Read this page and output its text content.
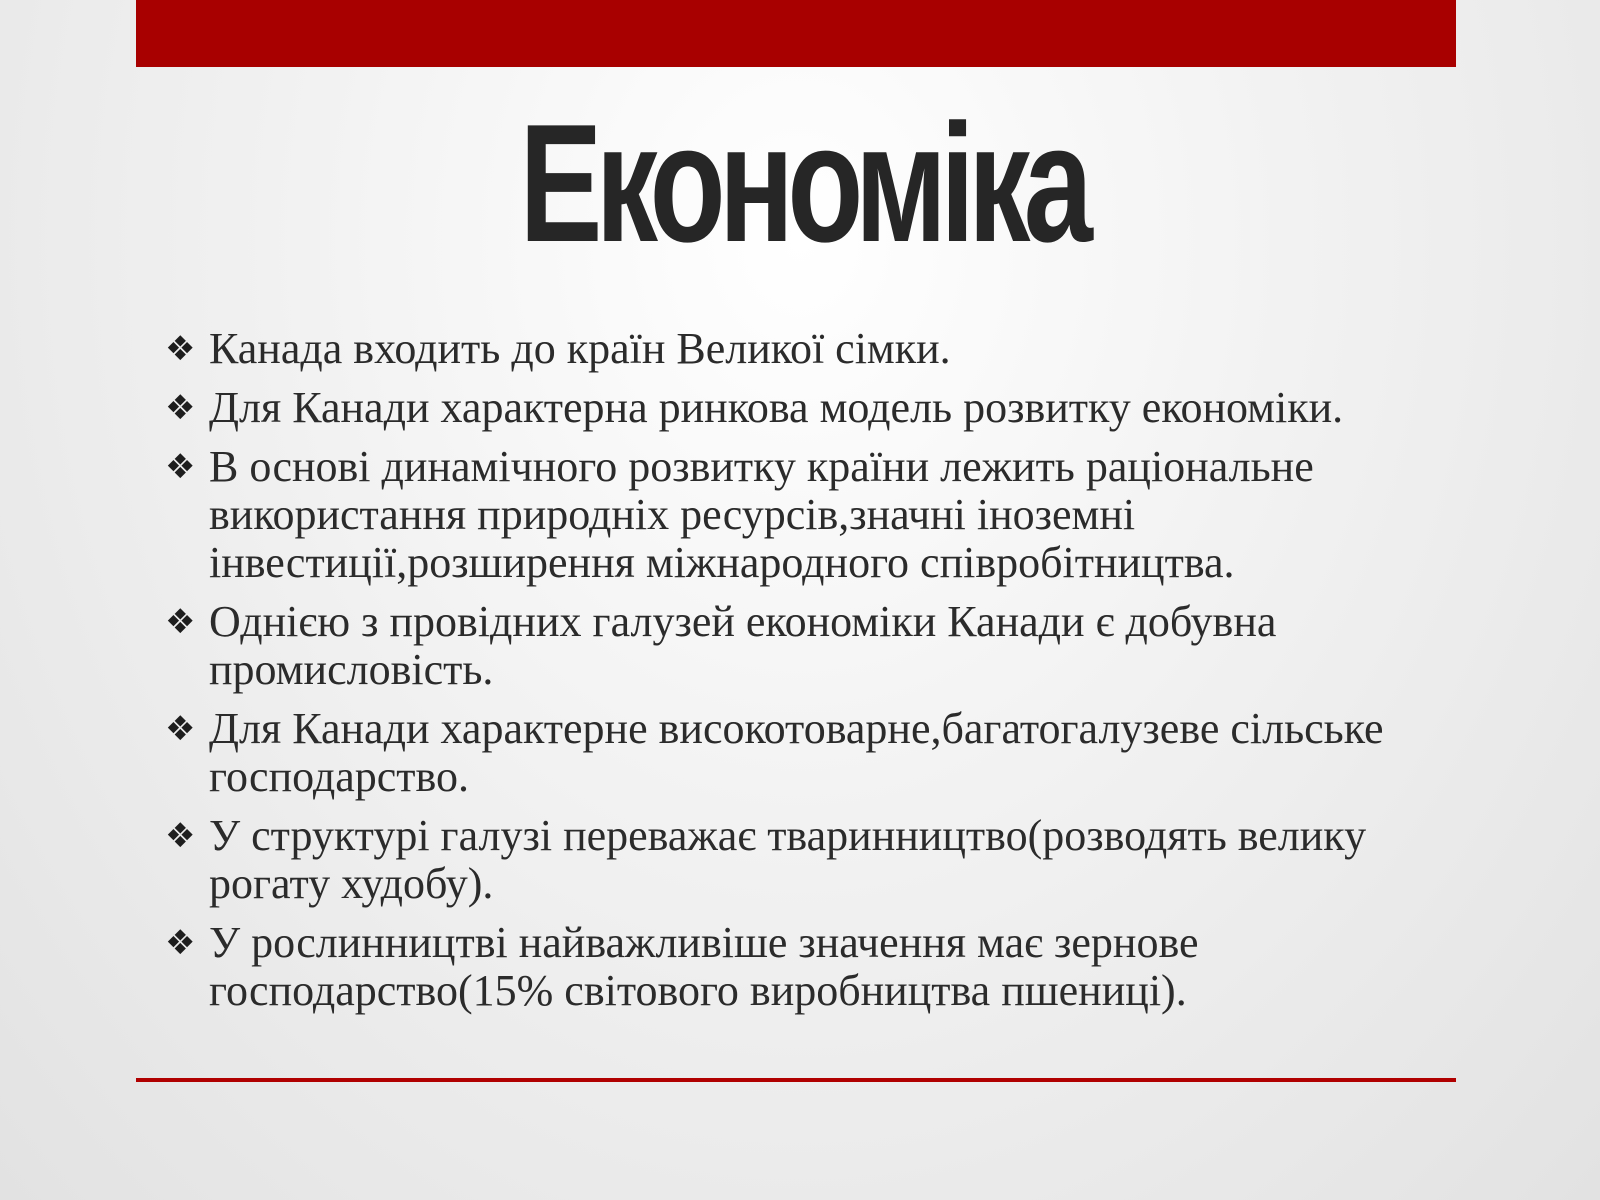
Економіка
❖ Канада входить до країн Великої сімки.
❖ Для Канади характерна ринкова модель розвитку економіки.
❖ В основі динамічного розвитку країни лежить раціональне використання природніх ресурсів,значні іноземні інвестиції,розширення міжнародного співробітництва.
❖ Однією з провідних галузей економіки Канади є добувна промисловість.
❖ Для Канади характерне високотоварне,багатогалузеве сільське господарство.
❖ У структурі галузі переважає тваринництво(розводять велику рогату худобу).
❖ У рослинництві найважливіше значення має зернове господарство(15% світового виробництва пшениці).
